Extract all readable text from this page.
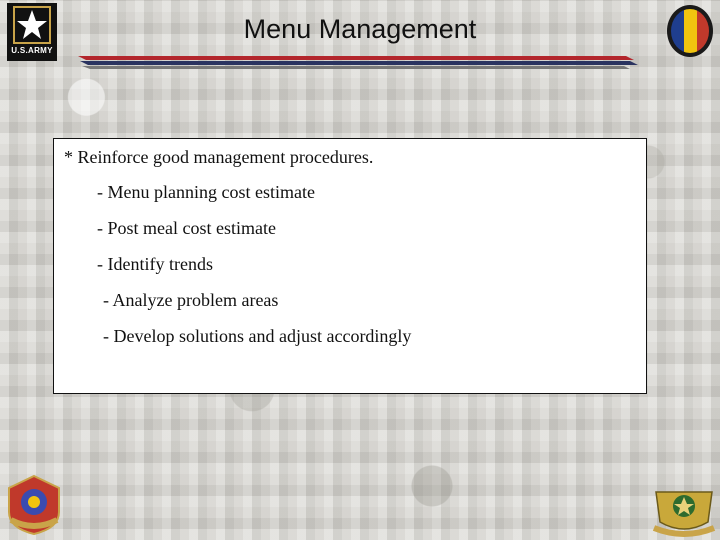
U.S.ARMY
Menu Management
* Reinforce good management procedures.
- Menu planning cost estimate
- Post meal cost estimate
- Identify trends
- Analyze problem areas
- Develop solutions and adjust accordingly
